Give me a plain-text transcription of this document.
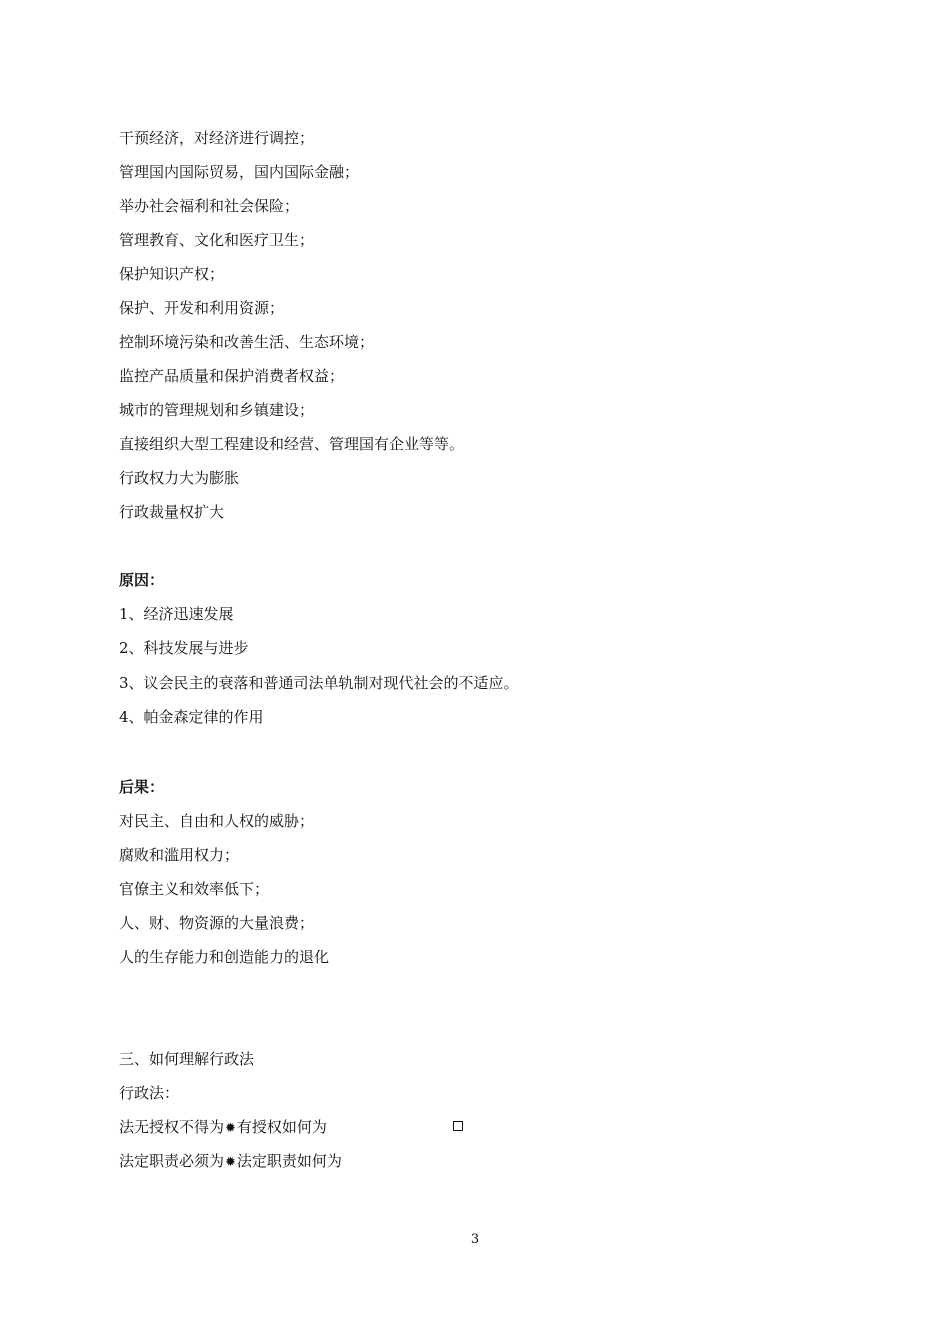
干预经济，对经济进行调控；
管理国内国际贸易，国内国际金融；
举办社会福利和社会保险；
管理教育、文化和医疗卫生；
保护知识产权；
保护、开发和利用资源；
控制环境污染和改善生活、生态环境；
监控产品质量和保护消费者权益；
城市的管理规划和乡镇建设；
直接组织大型工程建设和经营、管理国有企业等等。
行政权力大为膨胀
行政裁量权扩大
原因：
1、经济迅速发展
2、科技发展与进步
3、议会民主的衰落和普通司法单轨制对现代社会的不适应。
4、帕金森定律的作用
后果：
对民主、自由和人权的威胁；
腐败和滥用权力；
官僚主义和效率低下；
人、财、物资源的大量浪费；
人的生存能力和创造能力的退化
三、如何理解行政法
行政法：
法无授权不得为✹有授权如何为
法定职责必须为✹法定职责如何为
3
